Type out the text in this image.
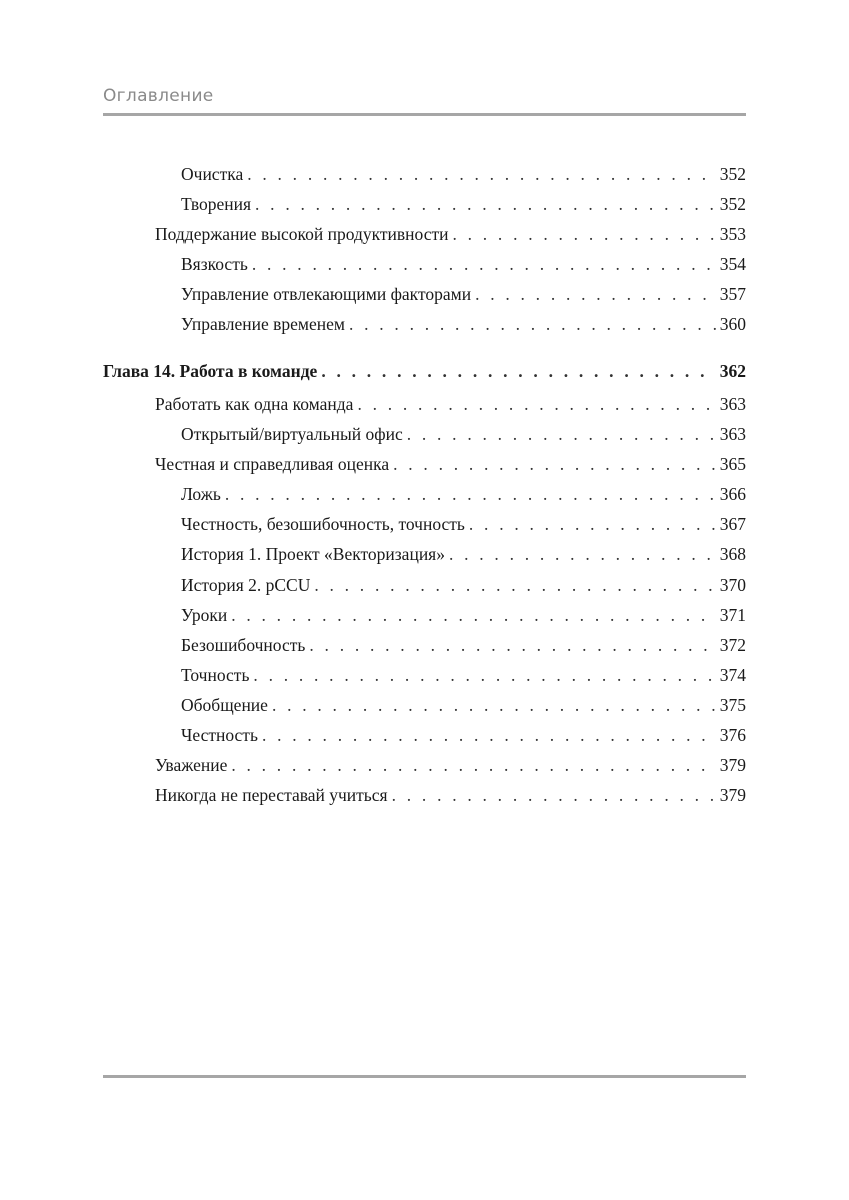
Оглавление
Очистка . . .	352
Творения . . .	352
Поддержание высокой продуктивности . . .	353
Вязкость . . .	354
Управление отвлекающими факторами . . .	357
Управление временем . . .	360
Глава 14. Работа в команде . . .	362
Работать как одна команда . . .	363
Открытый/виртуальный офис . . .	363
Честная и справедливая оценка . . .	365
Ложь . . .	366
Честность, безошибочность, точность . . .	367
История 1. Проект «Векторизация» . . .	368
История 2. pCCU . . .	370
Уроки . . .	371
Безошибочность . . .	372
Точность . . .	374
Обобщение . . .	375
Честность . . .	376
Уважение . . .	379
Никогда не переставай учиться . . .	379
